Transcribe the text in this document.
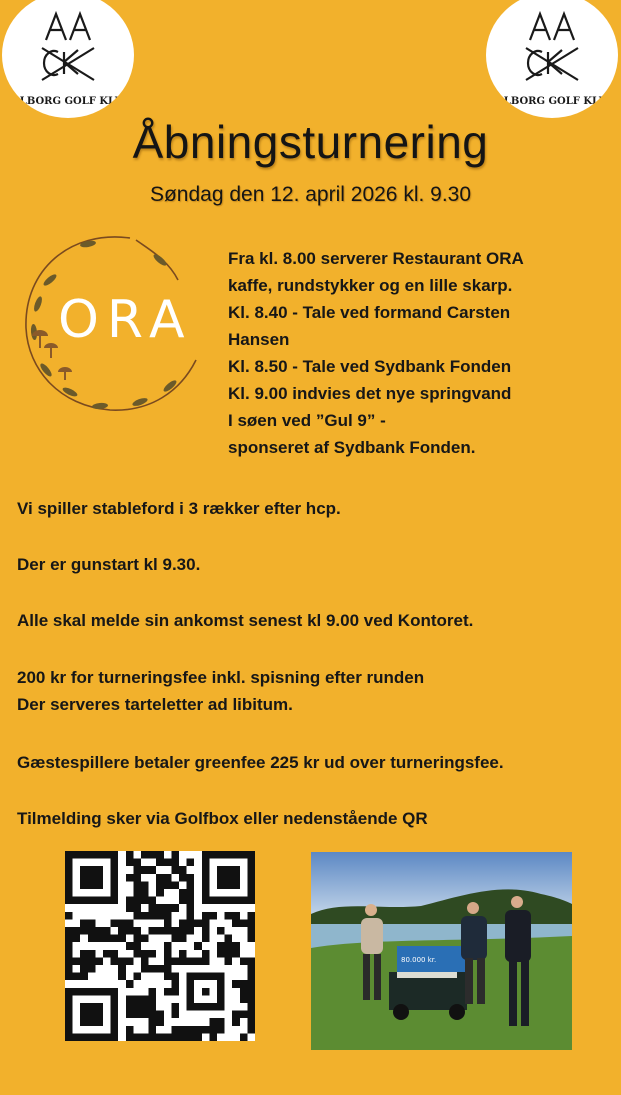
AALBORG GOLF KLUB	AALBORG GOLF KLUB
Åbningsturnering
Søndag den 12. april 2026 kl. 9.30
ORA
Fra kl. 8.00 serverer Restaurant ORA
kaffe, rundstykker og en lille skarp.
Kl. 8.40 - Tale ved formand Carsten
Hansen
Kl. 8.50 - Tale ved Sydbank Fonden
Kl. 9.00 indvies det nye springvand
I søen ved ”Gul 9” -
sponseret af Sydbank Fonden.

Vi spiller stableford i 3 rækker efter hcp.

Der er gunstart kl 9.30.

Alle skal melde sin ankomst senest kl 9.00 ved Kontoret.

200 kr for turneringsfee inkl. spisning efter runden

Der serveres tarteletter ad libitum.

Gæstespillere betaler greenfee 225 kr ud over turneringsfee.

Tilmelding sker via Golfbox eller nedenstående QR

80.000 kr.
